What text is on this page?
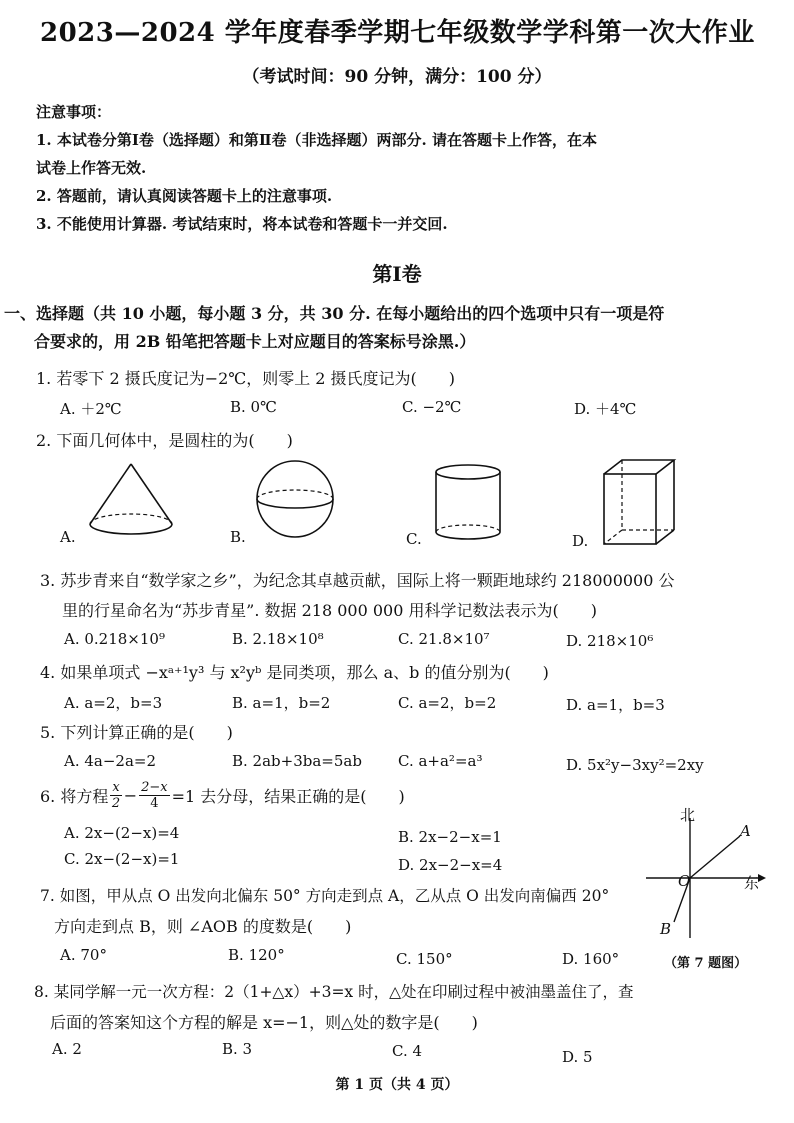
2023—2024 学年度春季学期七年级数学学科第一次大作业
（考试时间：90 分钟，满分：100 分）
注意事项：
1. 本试卷分第Ⅰ卷（选择题）和第Ⅱ卷（非选择题）两部分. 请在答题卡上作答，在本
试卷上作答无效.
2. 答题前，请认真阅读答题卡上的注意事项.
3. 不能使用计算器. 考试结束时，将本试卷和答题卡一并交回.
第Ⅰ卷
一、选择题（共 10 小题，每小题 3 分，共 30 分. 在每小题给出的四个选项中只有一项是符
合要求的，用 2B 铅笔把答题卡上对应题目的答案标号涂黑.）
1. 若零下 2 摄氏度记为−2℃，则零上 2 摄氏度记为(　　)
A. ＋2℃	B. 0℃	C. −2℃	D. ＋4℃
2. 下面几何体中，是圆柱的为(　　)
A.	B.	C.	D.
3. 苏步青来自“数学家之乡”，为纪念其卓越贡献，国际上将一颗距地球约 218000000 公
里的行星命名为“苏步青星”. 数据 218 000 000 用科学记数法表示为(　　)
A. 0.218×10⁹	B. 2.18×10⁸	C. 21.8×10⁷	D. 218×10⁶
4. 如果单项式 −xᵃ⁺¹y³ 与 x²yᵇ 是同类项，那么 a、b 的值分别为(　　)
A. a=2，b=3	B. a=1，b=2	C. a=2，b=2	D. a=1，b=3
5. 下列计算正确的是(　　)
A. 4a−2a=2	B. 2ab+3ba=5ab C. a+a²=a³	D. 5x²y−3xy²=2xy
6. 将方程 $\frac{x}{2} - \frac{2-x}{4} =1$ 去分母，结果正确的是(　　)
A. 2x−(2−x)=4	B. 2x−2−x=1
C. 2x−(2−x)=1	D. 2x−2−x=4
北
东
O
A
B
（第 7 题图）
7. 如图，甲从点 O 出发向北偏东 50° 方向走到点 A，乙从点 O 出发向南偏西 20°
方向走到点 B，则 ∠AOB 的度数是(　　)
A. 70°	B. 120°	C. 150°	D. 160°
8. 某同学解一元一次方程：2（1+△x）+3=x 时，△处在印刷过程中被油墨盖住了，查
后面的答案知这个方程的解是 x=−1，则△处的数字是(　　)
A. 2	B. 3	C. 4	D. 5
第 1 页（共 4 页）
